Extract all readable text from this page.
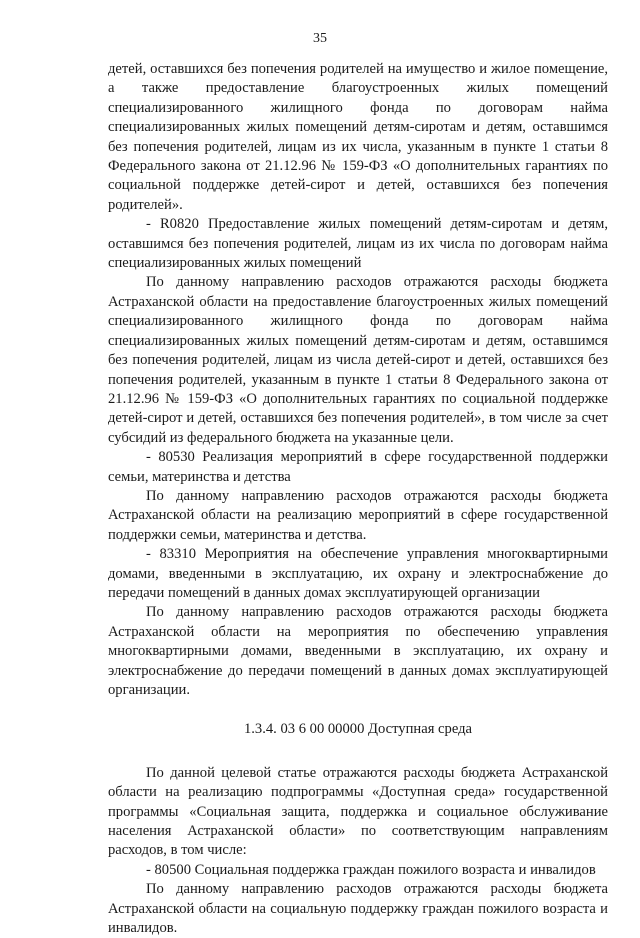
35

детей, оставшихся без попечения родителей на имущество и жилое помещение, а также предоставление благоустроенных жилых помещений специализированного жилищного фонда по договорам найма специализированных жилых помещений детям-сиротам и детям, оставшимся без попечения родителей, лицам из их числа, указанным в пункте 1 статьи 8 Федерального закона от 21.12.96 № 159-ФЗ «О дополнительных гарантиях по социальной поддержке детей-сирот и детей, оставшихся без попечения родителей».

- R0820 Предоставление жилых помещений детям-сиротам и детям, оставшимся без попечения родителей, лицам из их числа по договорам найма специализированных жилых помещений

По данному направлению расходов отражаются расходы бюджета Астраханской области на предоставление благоустроенных жилых помещений специализированного жилищного фонда по договорам найма специализированных жилых помещений детям-сиротам и детям, оставшимся без попечения родителей, лицам из числа детей-сирот и детей, оставшихся без попечения родителей, указанным в пункте 1 статьи 8 Федерального закона от 21.12.96 № 159-ФЗ «О дополнительных гарантиях по социальной поддержке детей-сирот и детей, оставшихся без попечения родителей», в том числе за счет субсидий из федерального бюджета на указанные цели.

- 80530 Реализация мероприятий в сфере государственной поддержки семьи, материнства и детства

По данному направлению расходов отражаются расходы бюджета Астраханской области на реализацию мероприятий в сфере государственной поддержки семьи, материнства и детства.

- 83310 Мероприятия на обеспечение управления многоквартирными домами, введенными в эксплуатацию, их охрану и электроснабжение до передачи помещений в данных домах эксплуатирующей организации

По данному направлению расходов отражаются расходы бюджета Астраханской области на мероприятия по обеспечению управления многоквартирными домами, введенными в эксплуатацию, их охрану и электроснабжение до передачи помещений в данных домах эксплуатирующей организации.

1.3.4. 03 6 00 00000 Доступная среда

По данной целевой статье отражаются расходы бюджета Астраханской области на реализацию подпрограммы «Доступная среда» государственной программы «Социальная защита, поддержка и социальное обслуживание населения Астраханской области» по соответствующим направлениям расходов, в том числе:

- 80500 Социальная поддержка граждан пожилого возраста и инвалидов

По данному направлению расходов отражаются расходы бюджета Астраханской области на социальную поддержку граждан пожилого возраста и инвалидов.
